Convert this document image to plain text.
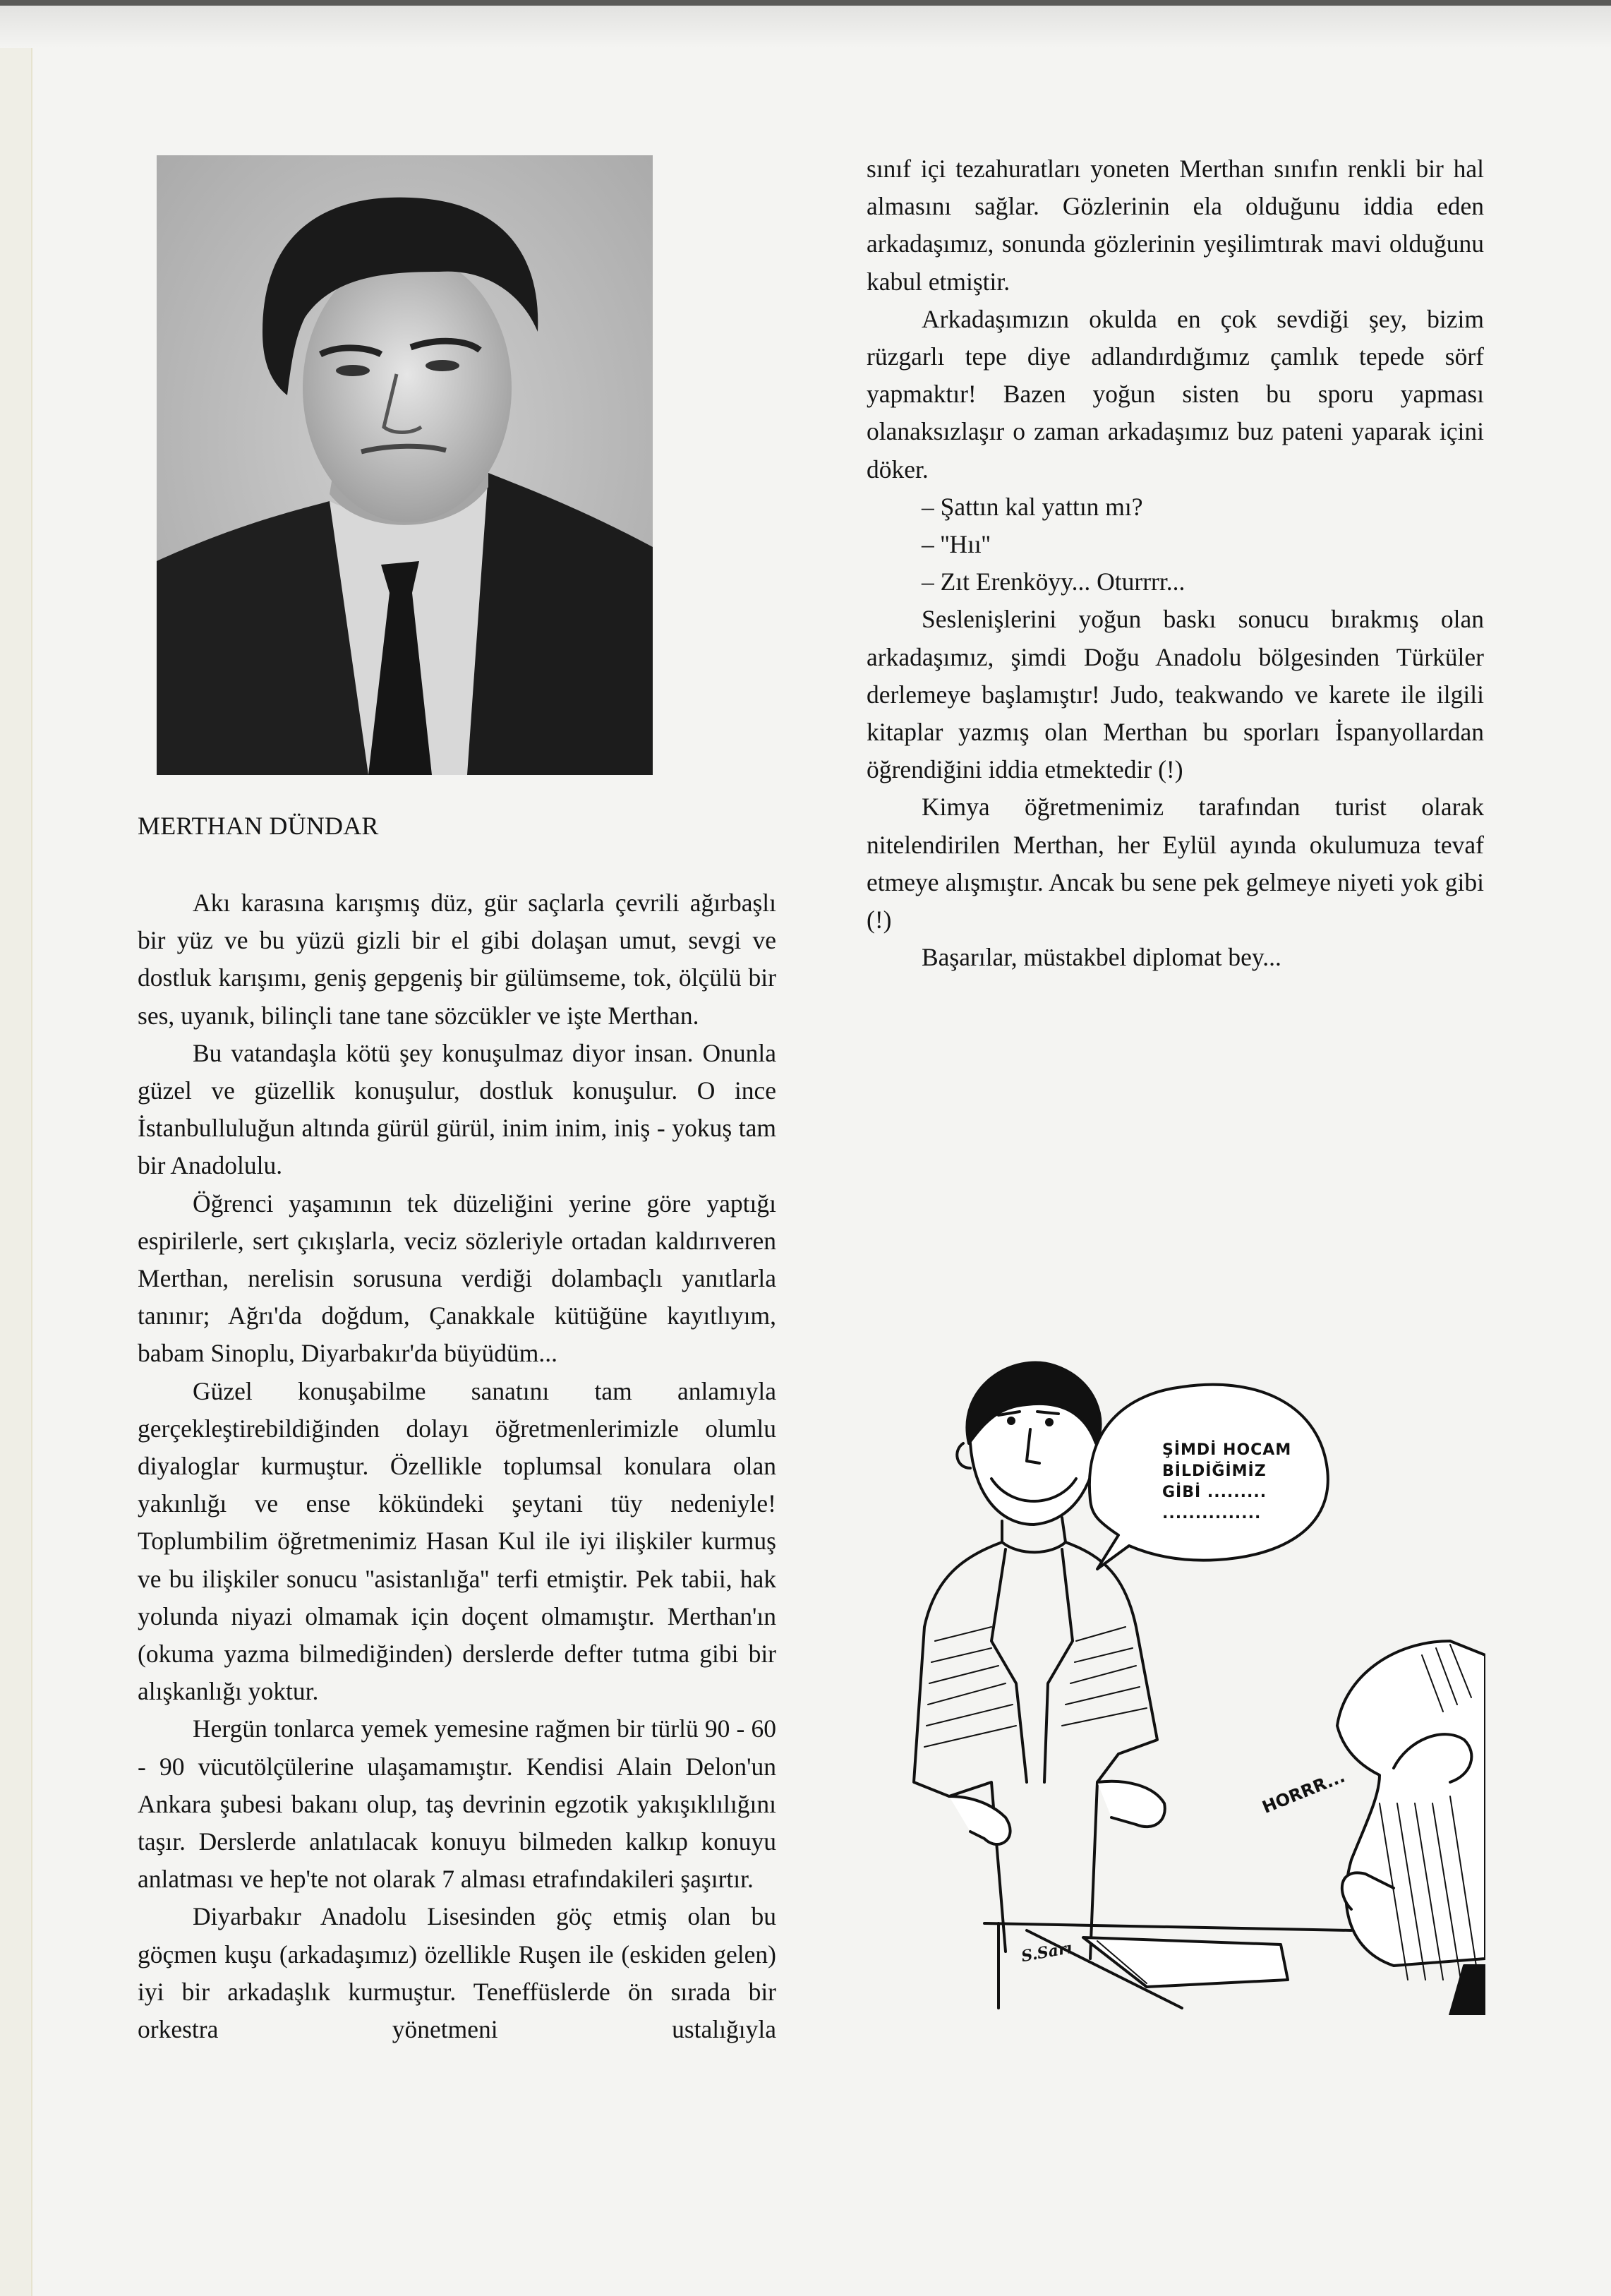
MERTHAN DÜNDAR

Akı karasına karışmış düz, gür saçlarla çevrili ağırbaşlı bir yüz ve bu yüzü gizli bir el gibi dolaşan umut, sevgi ve dostluk karışımı, geniş gepgeniş bir gülümseme, tok, ölçülü bir ses, uyanık, bilinçli tane tane sözcükler ve işte Merthan.

Bu vatandaşla kötü şey konuşulmaz diyor insan. Onunla güzel ve güzellik konuşulur, dostluk konuşulur. O ince İstanbulluluğun altında gürül gürül, inim inim, iniş - yokuş tam bir Anadolulu.

Öğrenci yaşamının tek düzeliğini yerine göre yaptığı espirilerle, sert çıkışlarla, veciz sözleriyle ortadan kaldırıveren Merthan, nerelisin sorusuna verdiği dolambaçlı yanıtlarla tanınır; Ağrı'da doğdum, Çanakkale kütüğüne kayıtlıyım, babam Sinoplu, Diyarbakır'da büyüdüm...

Güzel konuşabilme sanatını tam anlamıyla gerçekleştirebildiğinden dolayı öğretmenlerimizle olumlu diyaloglar kurmuştur. Özellikle toplumsal konulara olan yakınlığı ve ense kökündeki şeytani tüy nedeniyle! Toplumbilim öğretmenimiz Hasan Kul ile iyi ilişkiler kurmuş ve bu ilişkiler sonucu ''asistanlığa'' terfi etmiştir. Pek tabii, hak yolunda niyazi olmamak için doçent olmamıştır. Merthan'ın (okuma yazma bilmediğinden) derslerde defter tutma gibi bir alışkanlığı yoktur.

Hergün tonlarca yemek yemesine rağmen bir türlü 90 - 60 - 90 vücutölçülerine ulaşamamıştır. Kendisi Alain Delon'un Ankara şubesi bakanı olup, taş devrinin egzotik yakışıklılığını taşır. Derslerde anlatılacak konuyu bilmeden kalkıp konuyu anlatması ve hep'te not olarak 7 alması etrafındakileri şaşırtır.

Diyarbakır Anadolu Lisesinden göç etmiş olan bu göçmen kuşu (arkadaşımız) özellikle Ruşen ile (eskiden gelen) iyi bir arkadaşlık kurmuştur. Teneffüslerde ön sırada bir orkestra yönetmeni ustalığıyla

sınıf içi tezahuratları yoneten Merthan sınıfın renkli bir hal almasını sağlar. Gözlerinin ela olduğunu iddia eden arkadaşımız, sonunda gözlerinin yeşilimtırak mavi olduğunu kabul etmiştir.

Arkadaşımızın okulda en çok sevdiği şey, bizim rüzgarlı tepe diye adlandırdığımız çamlık tepede sörf yapmaktır! Bazen yoğun sisten bu sporu yapması olanaksızlaşır o zaman arkadaşımız buz pateni yaparak içini döker.

– Şattın kal yattın mı?

– ''Hıı''

– Zıt Erenköyy... Oturrrr...

Seslenişlerini yoğun baskı sonucu bırakmış olan arkadaşımız, şimdi Doğu Anadolu bölgesinden Türküler derlemeye başlamıştır! Judo, teakwando ve karete ile ilgili kitaplar yazmış olan Merthan bu sporları İspanyollardan öğrendiğini iddia etmektedir (!)

Kimya öğretmenimiz tarafından turist olarak nitelendirilen Merthan, her Eylül ayında okulumuza tevaf etmeye alışmıştır. Ancak bu sene pek gelmeye niyeti yok gibi (!)

Başarılar, müstakbel diplomat bey...

ŞİMDİ HOCAM
BİLDİĞİMİZ
GİBİ .........
...............
HORRR...
S.Sarı
